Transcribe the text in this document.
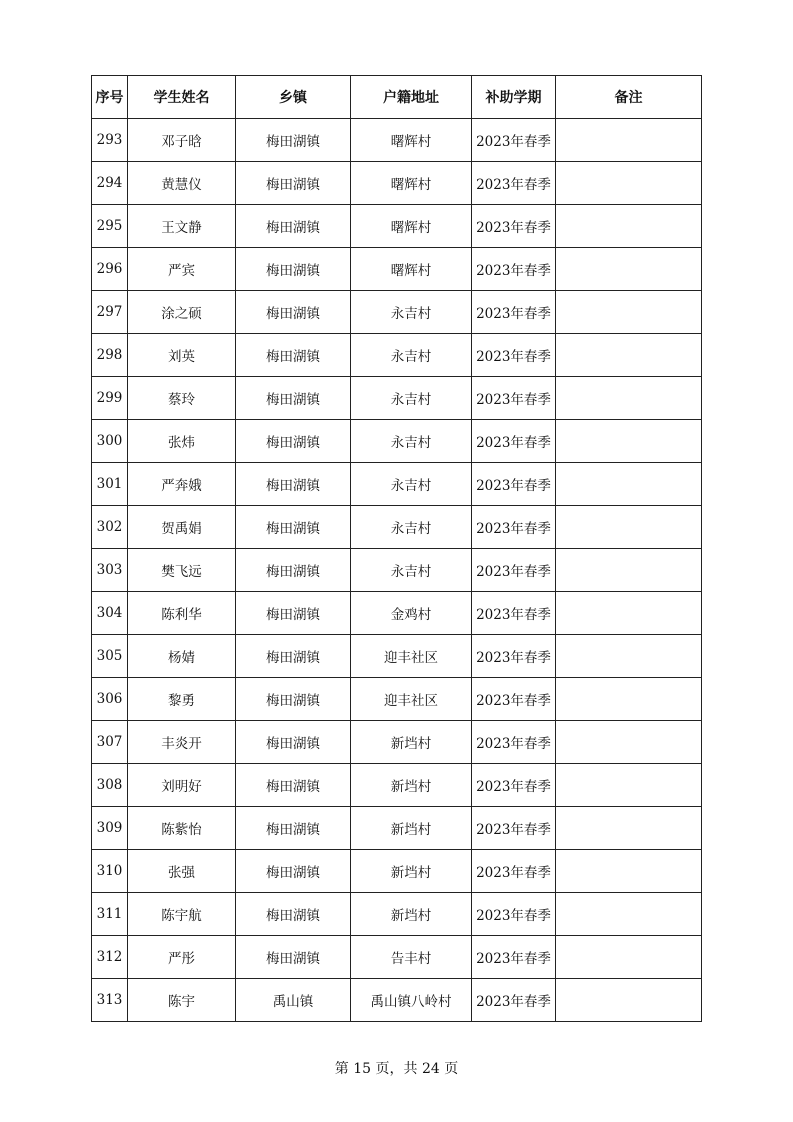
序号	学生姓名	乡镇	户籍地址	补助学期	备注
293	邓子晗	梅田湖镇	曙辉村	2023年春季	
294	黄慧仪	梅田湖镇	曙辉村	2023年春季	
295	王文静	梅田湖镇	曙辉村	2023年春季	
296	严宾	梅田湖镇	曙辉村	2023年春季	
297	涂之硕	梅田湖镇	永吉村	2023年春季	
298	刘英	梅田湖镇	永吉村	2023年春季	
299	蔡玲	梅田湖镇	永吉村	2023年春季	
300	张炜	梅田湖镇	永吉村	2023年春季	
301	严奔娥	梅田湖镇	永吉村	2023年春季	
302	贺禹娟	梅田湖镇	永吉村	2023年春季	
303	樊飞远	梅田湖镇	永吉村	2023年春季	
304	陈利华	梅田湖镇	金鸡村	2023年春季	
305	杨婧	梅田湖镇	迎丰社区	2023年春季	
306	黎勇	梅田湖镇	迎丰社区	2023年春季	
307	丰炎开	梅田湖镇	新垱村	2023年春季	
308	刘明好	梅田湖镇	新垱村	2023年春季	
309	陈紫怡	梅田湖镇	新垱村	2023年春季	
310	张强	梅田湖镇	新垱村	2023年春季	
311	陈宇航	梅田湖镇	新垱村	2023年春季	
312	严彤	梅田湖镇	告丰村	2023年春季	
313	陈宇	禹山镇	禹山镇八岭村	2023年春季	
第 15 页，共 24 页
